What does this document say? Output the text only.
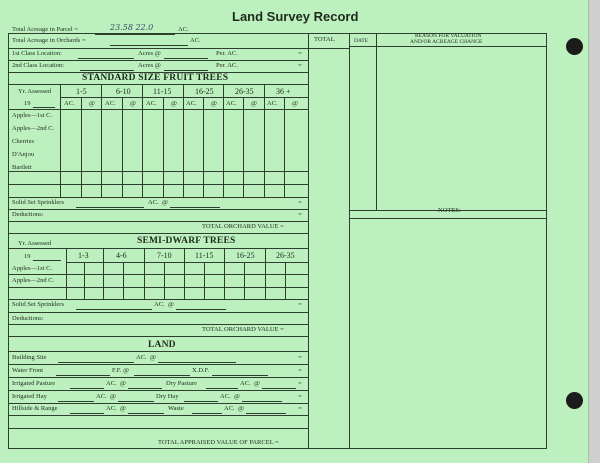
Land Survey Record
Total Acreage in Parcel =	23.58 22.0	AC.
TOTAL	DATE
REASON FOR VALUATION
AND/OR ACREAGE CHANGE
NOTES:
Total Acreage in Orchards =	AC.
1st Class Location:	Acres @	Per. AC.	=
2nd Class Location:	Acres @	Per. AC.	=
STANDARD SIZE FRUIT TREES
Yr. Assessed
19
1-5	6-10	11-15	16-25	26-35	36 +
AC. @ AC. @ AC. @ AC. @ AC. @ AC. @
Apples—1st C.
Apples—2nd C.
Cherries
D'Anjou
Bartlett
Solid Set Sprinklers	AC. @	=
Deductions:	=
TOTAL ORCHARD VALUE =
Yr. Assessed	SEMI-DWARF TREES
19	1-3	4-6	7-10	11-15	16-25	26-35
Apples—1st C.
Apples—2nd C.
Solid Set Sprinklers	AC. @	=
Deductions:
TOTAL ORCHARD VALUE =
LAND
Building Site	AC. @	=
Water Front	F.F. @	X.D.F.	=
Irrigated Pasture	AC. @	Dry Pasture	AC. @	=
Irrigated Hay	AC. @	Dry Hay	AC. @	=
Hillside & Range	AC. @	Waste	AC. @	=
TOTAL APPRAISED VALUE OF PARCEL =
